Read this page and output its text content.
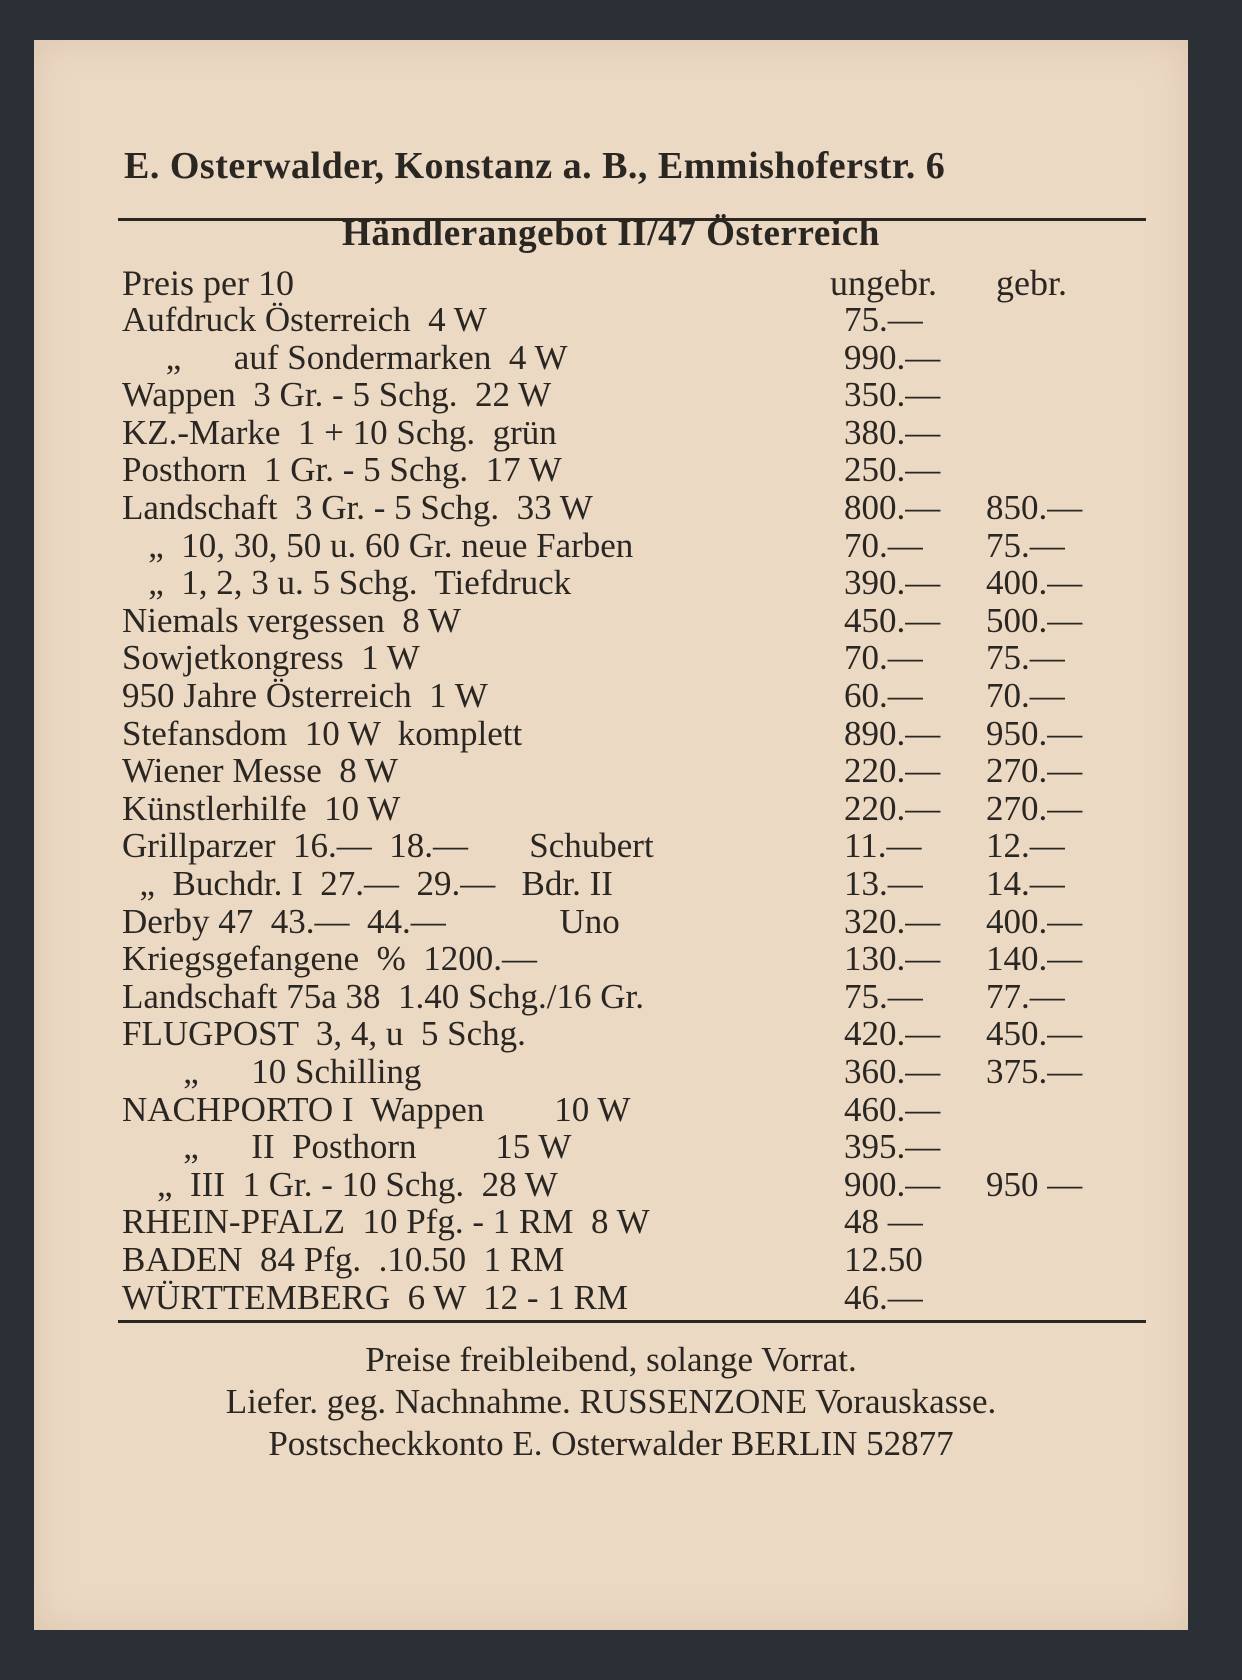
E. Osterwalder, Konstanz a. B., Emmishoferstr. 6
Händlerangebot II/47 Österreich
Preis per 10	ungebr. gebr.
Aufdruck Österreich  4 W	75.—
„      auf Sondermarken  4 W	990.—
Wappen  3 Gr. - 5 Schg.  22 W	350.—
KZ.-Marke  1 + 10 Schg.  grün	380.—
Posthorn  1 Gr. - 5 Schg.  17 W	250.—
Landschaft  3 Gr. - 5 Schg.  33 W	800.— 850.—
„  10, 30, 50 u. 60 Gr. neue Farben	70.— 75.—
„  1, 2, 3 u. 5 Schg.  Tiefdruck	390.— 400.—
Niemals vergessen  8 W	450.— 500.—
Sowjetkongress  1 W	70.— 75.—
950 Jahre Österreich  1 W	60.— 70.—
Stefansdom  10 W  komplett	890.— 950.—
Wiener Messe  8 W	220.— 270.—
Künstlerhilfe  10 W	220.— 270.—
Grillparzer  16.—  18.—       Schubert	11.— 12.—
„  Buchdr. I  27.—  29.—   Bdr. II	13.— 14.—
Derby 47  43.—  44.—             Uno	320.— 400.—
Kriegsgefangene  %  1200.—	130.— 140.—
Landschaft 75a 38  1.40 Schg./16 Gr.	75.— 77.—
FLUGPOST  3, 4, u  5 Schg.	420.— 450.—
„      10 Schilling	360.— 375.—
NACHPORTO I  Wappen        10 W	460.—
„      II  Posthorn         15 W	395.—
„  III  1 Gr. - 10 Schg.  28 W	900.— 950 —
RHEIN-PFALZ  10 Pfg. - 1 RM  8 W	48 —
BADEN  84 Pfg.  .10.50  1 RM	12.50
WÜRTTEMBERG  6 W  12 - 1 RM	46.—
Preise freibleibend, solange Vorrat.
Liefer. geg. Nachnahme. RUSSENZONE Vorauskasse.
Postscheckkonto E. Osterwalder BERLIN 52877
